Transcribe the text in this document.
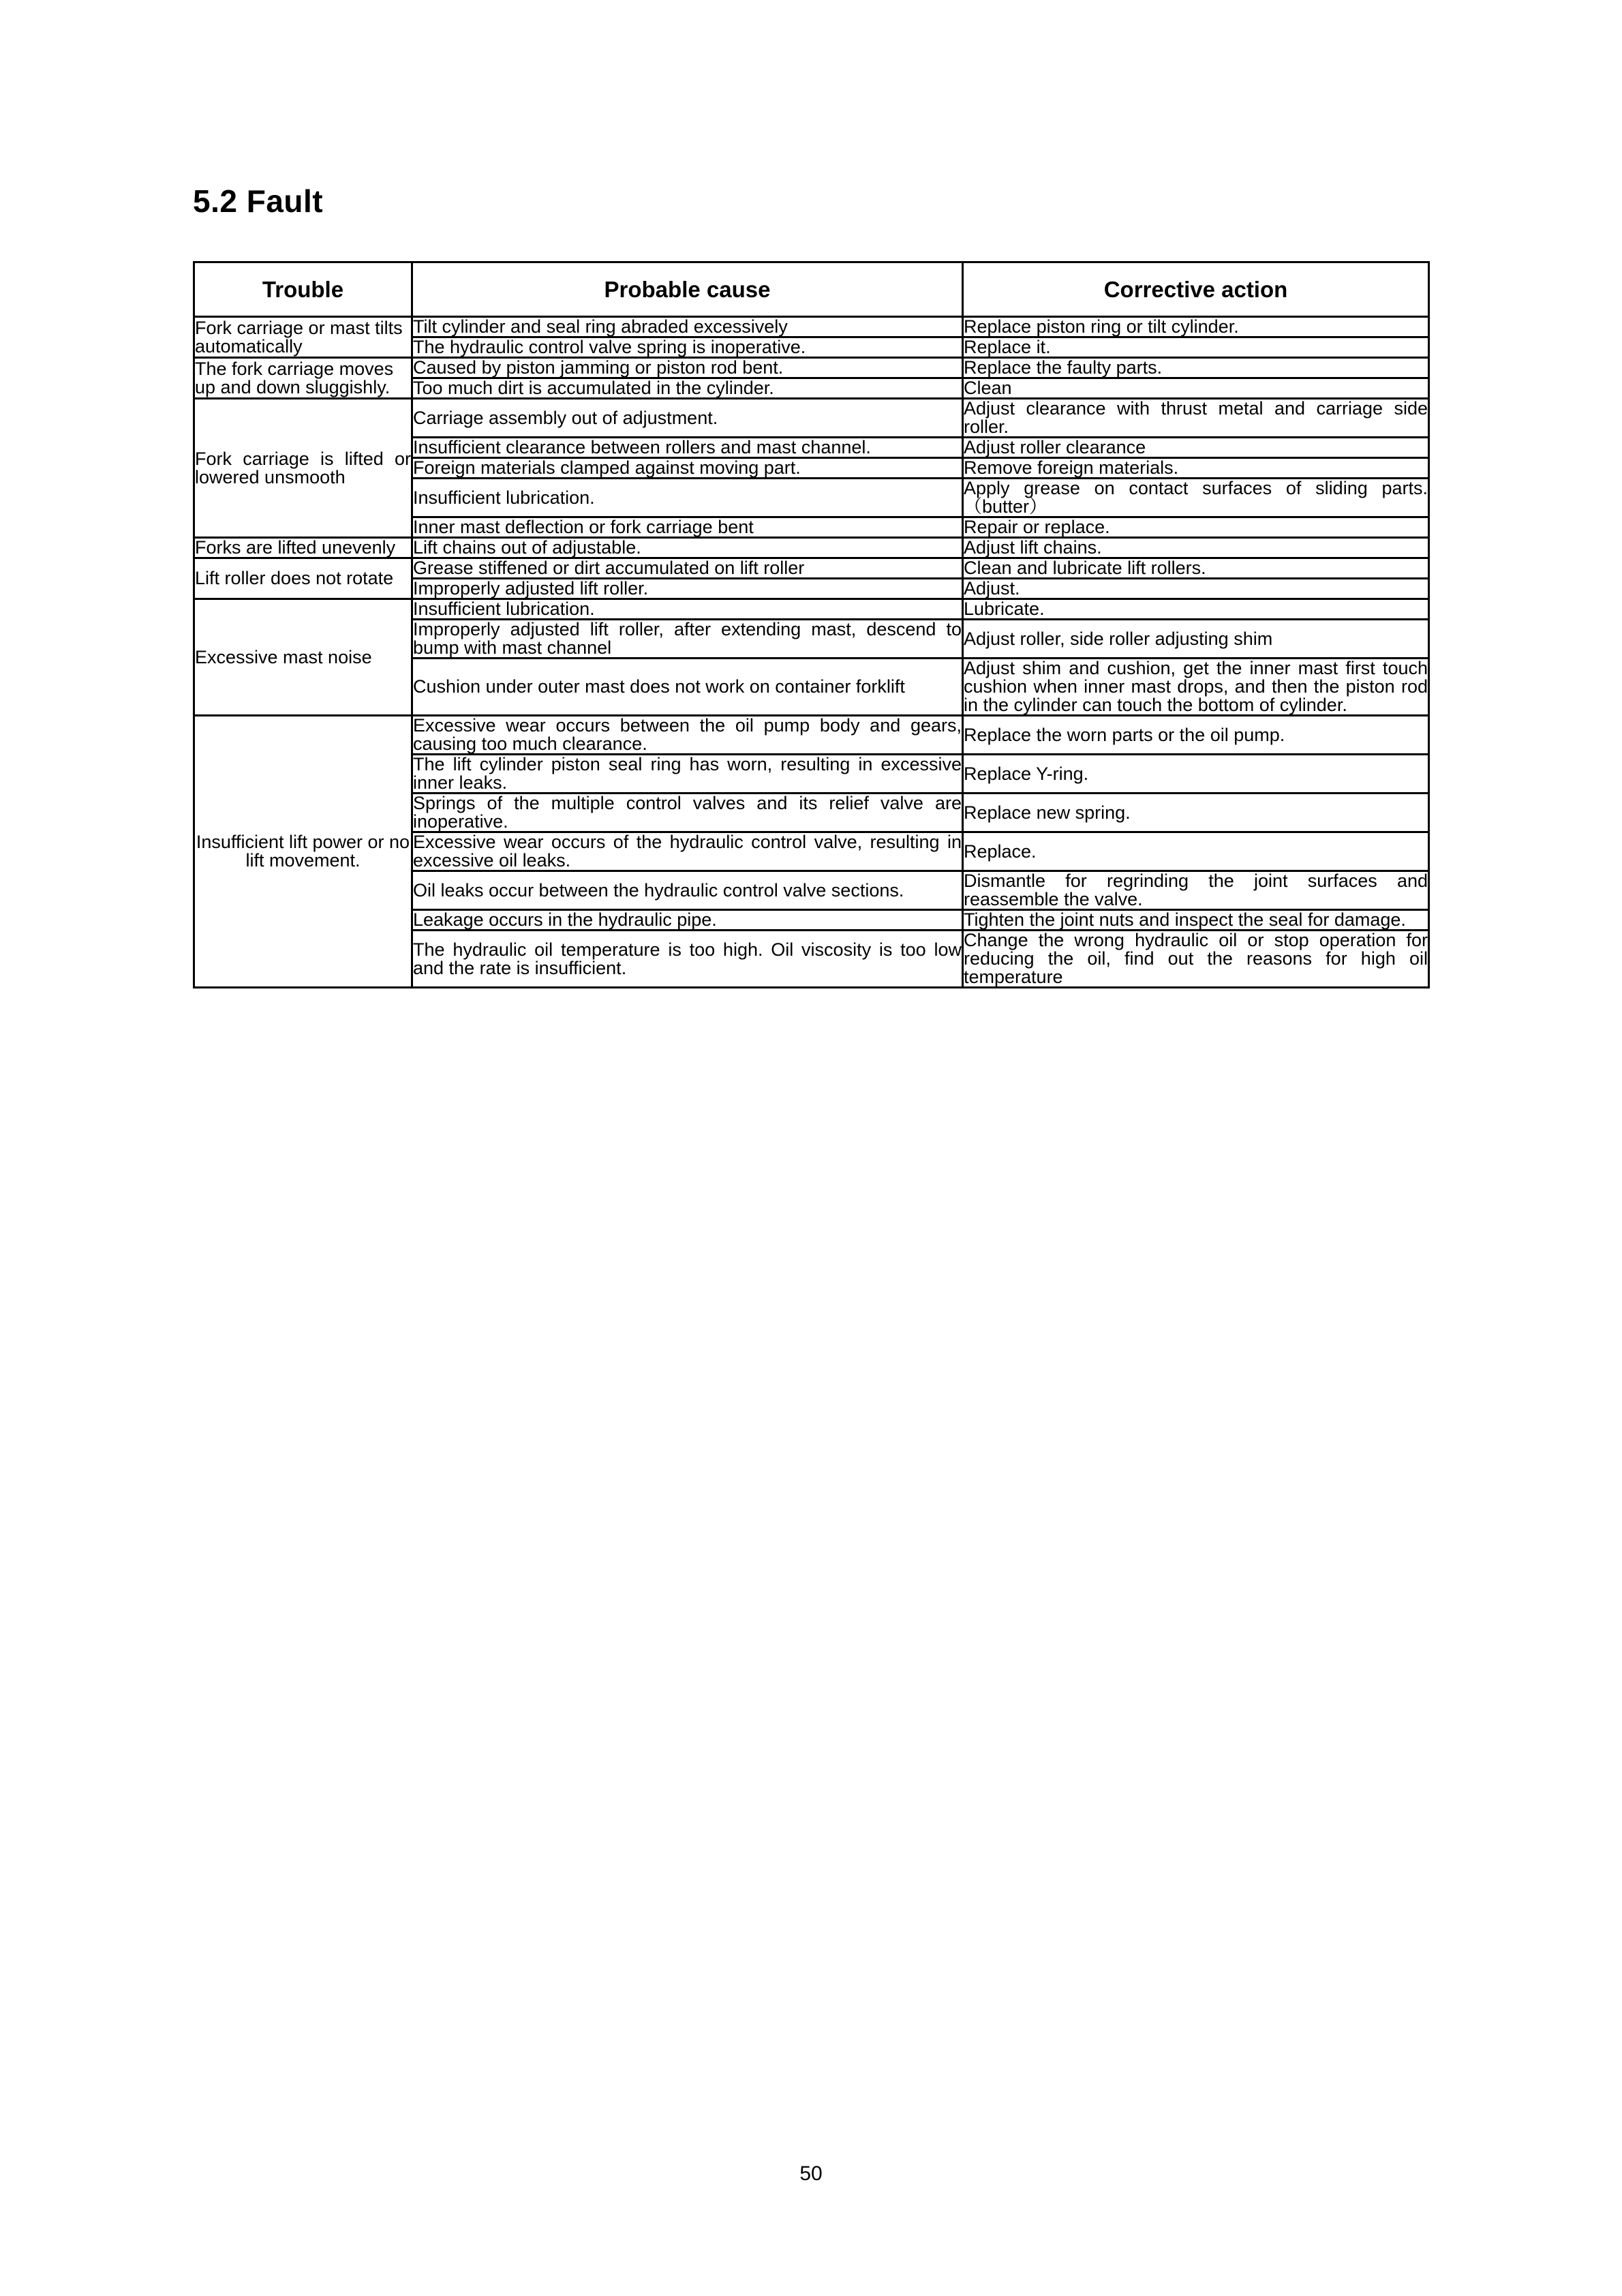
5.2 Fault
Trouble	Probable cause	Corrective action
Fork carriage or mast tilts automatically	Tilt cylinder and seal ring abraded excessively	Replace piston ring or tilt cylinder.
	The hydraulic control valve spring is inoperative.	Replace it.
The fork carriage moves up and down sluggishly.	Caused by piston jamming or piston rod bent.	Replace the faulty parts.
	Too much dirt is accumulated in the cylinder.	Clean
Fork carriage is lifted or lowered unsmooth	Carriage assembly out of adjustment.	Adjust clearance with thrust metal and carriage side roller.
	Insufficient clearance between rollers and mast channel.	Adjust roller clearance
	Foreign materials clamped against moving part.	Remove foreign materials.
	Insufficient lubrication.	Apply grease on contact surfaces of sliding parts.（butter）
	Inner mast deflection or fork carriage bent	Repair or replace.
Forks are lifted unevenly	Lift chains out of adjustable.	Adjust lift chains.
Lift roller does not rotate	Grease stiffened or dirt accumulated on lift roller	Clean and lubricate lift rollers.
	Improperly adjusted lift roller.	Adjust.
Excessive mast noise	Insufficient lubrication.	Lubricate.
	Improperly adjusted lift roller, after extending mast, descend to bump with mast channel	Adjust roller, side roller adjusting shim
	Cushion under outer mast does not work on container forklift	Adjust shim and cushion, get the inner mast first touch cushion when inner mast drops, and then the piston rod in the cylinder can touch the bottom of cylinder.
Insufficient lift power or no lift movement.	Excessive wear occurs between the oil pump body and gears, causing too much clearance.	Replace the worn parts or the oil pump.
	The lift cylinder piston seal ring has worn, resulting in excessive inner leaks.	Replace Y-ring.
	Springs of the multiple control valves and its relief valve are inoperative.	Replace new spring.
	Excessive wear occurs of the hydraulic control valve, resulting in excessive oil leaks.	Replace.
	Oil leaks occur between the hydraulic control valve sections.	Dismantle for regrinding the joint surfaces and reassemble the valve.
	Leakage occurs in the hydraulic pipe.	Tighten the joint nuts and inspect the seal for damage.
	The hydraulic oil temperature is too high. Oil viscosity is too low and the rate is insufficient.	Change the wrong hydraulic oil or stop operation for reducing the oil, find out the reasons for high oil temperature
50
